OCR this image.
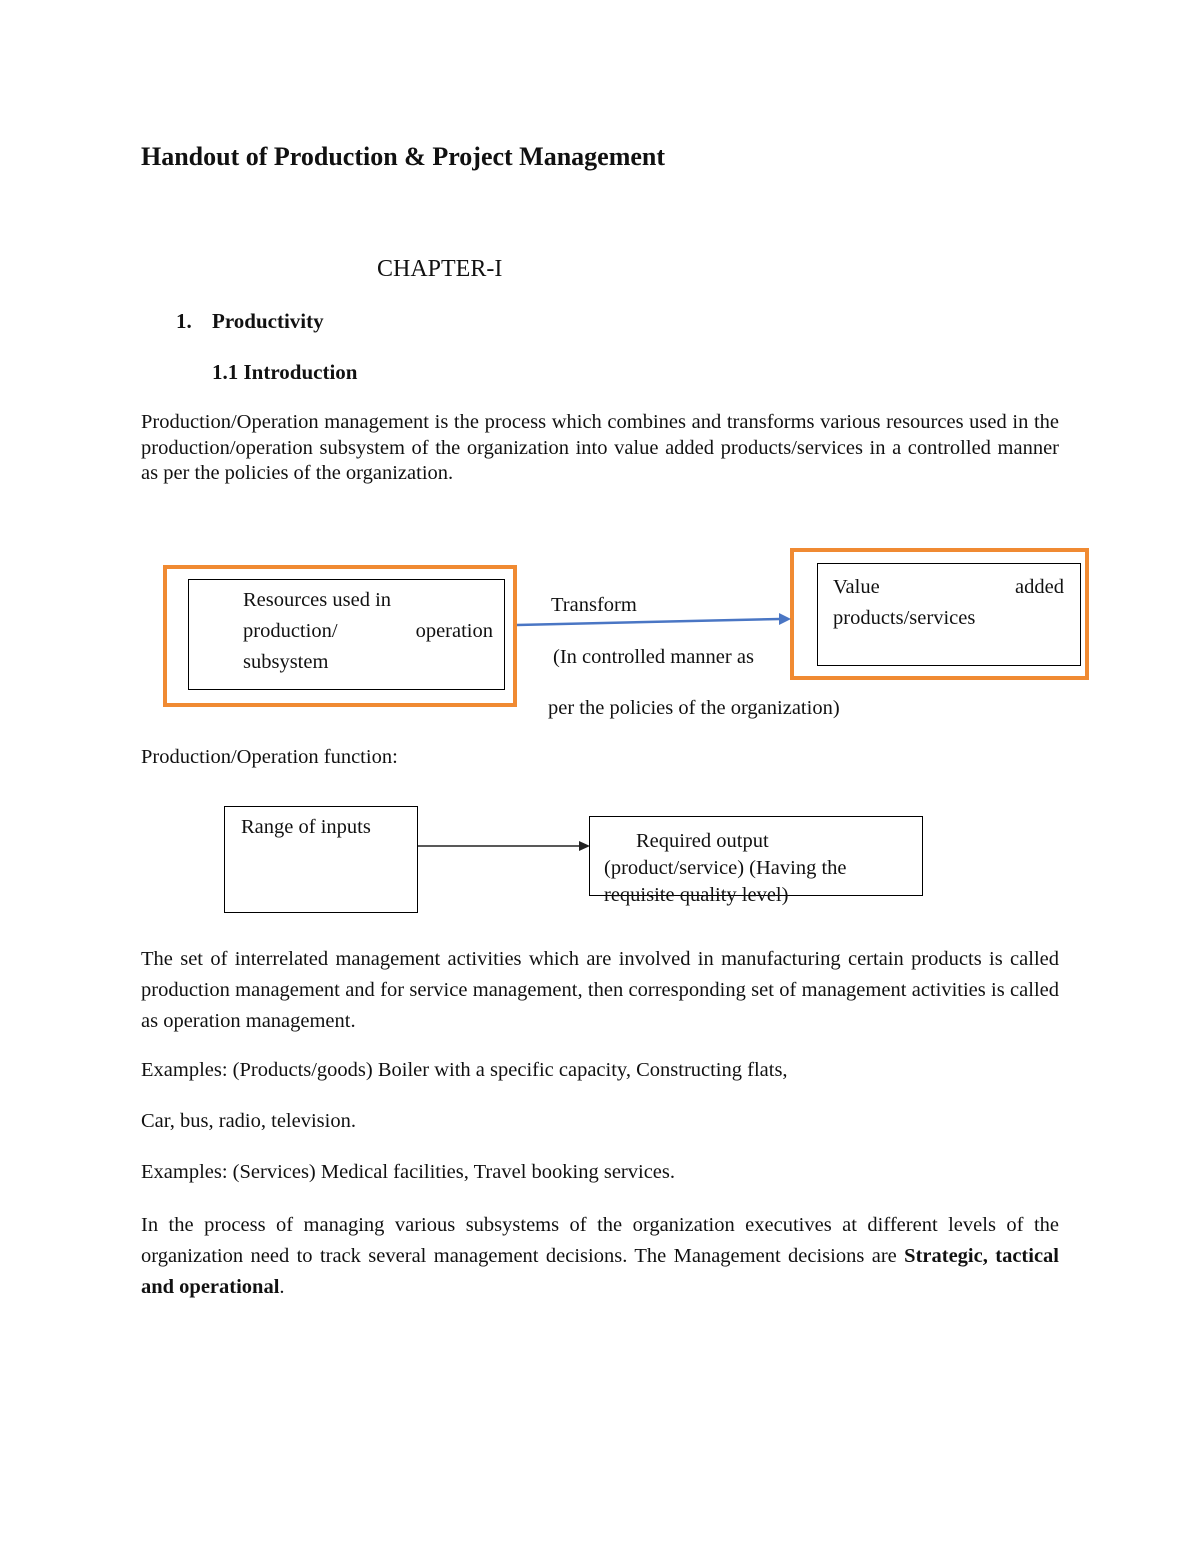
Handout of Production & Project Management
CHAPTER-I
1. Productivity
1.1 Introduction
Production/Operation management is the process which combines and transforms various resources used in the production/operation subsystem of the organization into value added products/services in a controlled manner as per the policies of the organization.
Resources used in
production/	operation
subsystem
Transform
(In controlled manner as
per the policies of the organization)
Value	added
products/services
Production/Operation function:
Range of inputs
Required output
(product/service) (Having the
requisite quality level)
The set of interrelated management activities which are involved in manufacturing certain products is called production management and for service management, then corresponding set of management activities is called as operation management.
Examples: (Products/goods) Boiler with a specific capacity, Constructing flats,
Car, bus, radio, television.
Examples: (Services) Medical facilities, Travel booking services.
In the process of managing various subsystems of the organization executives at different levels of the organization need to track several management decisions. The Management decisions are Strategic, tactical and operational.
